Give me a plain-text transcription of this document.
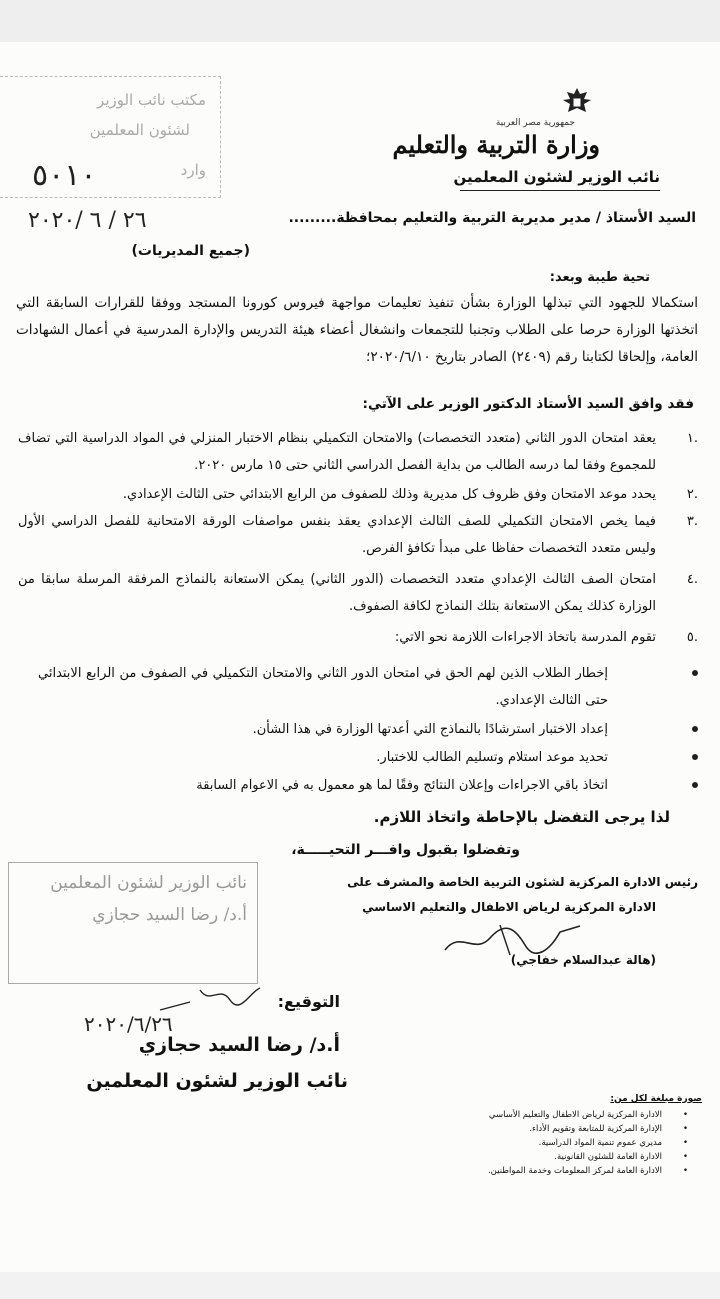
جمهورية مصر العربية
وزارة التربية والتعليم
نائب الوزير لشئون المعلمين
مكتب نائب الوزير
لشئون المعلمين
وارد
٥٠١٠
٢٦ / ٦ /٢٠٢٠	السيد الأستاذ / مدير مديرية التربية والتعليم بمحافظة.........
(جميع المديريات)
تحية طيبة وبعد:
استكمالا للجهود التي تبذلها الوزارة بشأن تنفيذ تعليمات مواجهة فيروس كورونا المستجد ووفقا للقرارات السابقة التي اتخذتها الوزارة حرصا على الطلاب وتجنبا للتجمعات وانشغال أعضاء هيئة التدريس والإدارة المدرسية في أعمال الشهادات العامة، وإلحاقا لكتابنا رقم (٢٤٠٩) الصادر بتاريخ ٢٠٢٠/٦/١٠؛
فقد وافق السيد الأستاذ الدكتور الوزير على الآتي:
.١
يعقد امتحان الدور الثاني (متعدد التخصصات) والامتحان التكميلي بنظام الاختبار المنزلي في المواد الدراسية التي تضاف للمجموع وفقا لما درسه الطالب من بداية الفصل الدراسي الثاني حتى ١٥ مارس ٢٠٢٠.
.٢
يحدد موعد الامتحان وفق ظروف كل مديرية وذلك للصفوف من الرابع الابتدائي حتى الثالث الإعدادي.
.٣
فيما يخص الامتحان التكميلي للصف الثالث الإعدادي يعقد بنفس مواصفات الورقة الامتحانية للفصل الدراسي الأول وليس متعدد التخصصات حفاظا على مبدأ تكافؤ الفرص.
.٤
امتحان الصف الثالث الإعدادي متعدد التخصصات (الدور الثاني) يمكن الاستعانة بالنماذج المرفقة المرسلة سابقا من الوزارة كذلك يمكن الاستعانة بتلك النماذج لكافة الصفوف.
.٥
تقوم المدرسة باتخاذ الاجراءات اللازمة نحو الاتي:
إخطار الطلاب الذين لهم الحق في امتحان الدور الثاني والامتحان التكميلي في الصفوف من الرابع الابتدائي حتى الثالث الإعدادي.
إعداد الاختبار استرشادًا بالنماذج التي أعدتها الوزارة في هذا الشأن.
تحديد موعد استلام وتسليم الطالب للاختبار.
اتخاذ باقي الاجراءات وإعلان النتائج وفقًا لما هو معمول به في الاعوام السابقة
لذا يرجى التفضل بالإحاطة واتخاذ اللازم.
وتفضلوا بقبول وافـــر التحيـــــة،
نائب الوزير لشئون المعلمين
أ.د/ رضا السيد حجازي
رئيس الادارة المركزية لشئون التربية الخاصة والمشرف على
الادارة المركزية لرياض الاطفال والتعليم الاساسي
(هالة عبدالسلام خفاجي)
التوقيع:
٢٠٢٠/٦/٢٦
أ.د/ رضا السيد حجازي
نائب الوزير لشئون المعلمين
صورة مبلغة لكل من:
• الادارة المركزية لرياض الاطفال والتعليم الأساسي
• الإدارة المركزية للمتابعة وتقويم الأداء.
• مديري عموم تنمية المواد الدراسية.
• الادارة العامة للشئون القانونية.
• الادارة العامة لمركز المعلومات وخدمة المواطنين.
